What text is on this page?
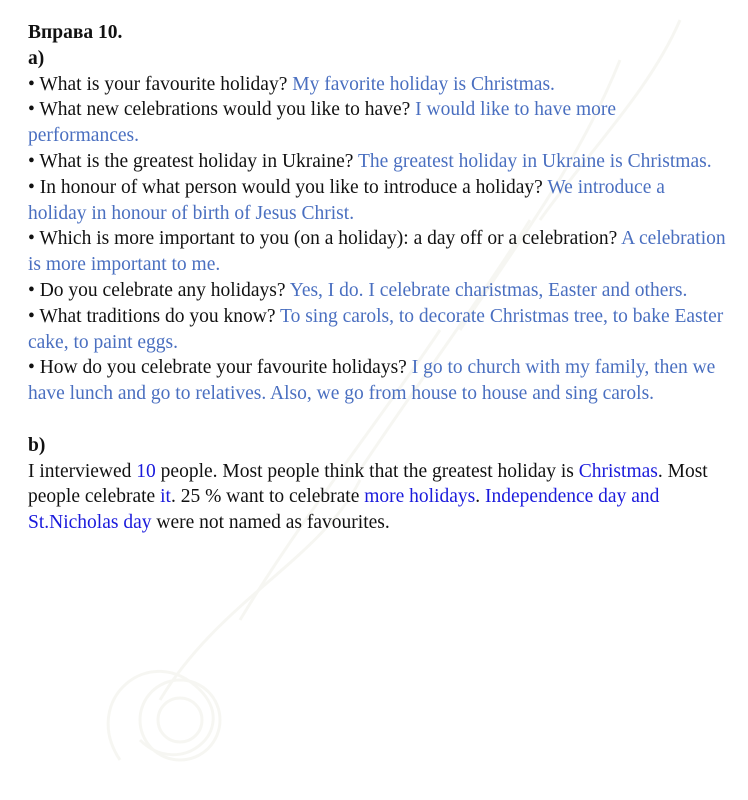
Вправа 10.

а)

• What is your favourite holiday? My favorite holiday is Christmas.

• What new celebrations would you like to have? I would like to have more performances.

• What is the greatest holiday in Ukraine? The greatest holiday in Ukraine is Christmas.

• In honour of what person would you like to introduce a holiday? We introduce a holiday in honour of birth of Jesus Christ.

• Which is more important to you (on a holiday): a day off or a celebration? A celebration is more important to me.

• Do you celebrate any holidays? Yes, I do. I celebrate charistmas, Easter and others.

• What traditions do you know? To sing carols, to decorate Christmas tree, to bake Easter cake, to paint eggs.

• How do you celebrate your favourite holidays? I go to church with my family, then we have lunch and go to relatives. Also, we go from house to house and sing carols.

b)

I interviewed 10 people. Most people think that the greatest holiday is Christmas. Most people celebrate it. 25 % want to celebrate more holidays. Independence day and St.Nicholas day were not named as favourites.
